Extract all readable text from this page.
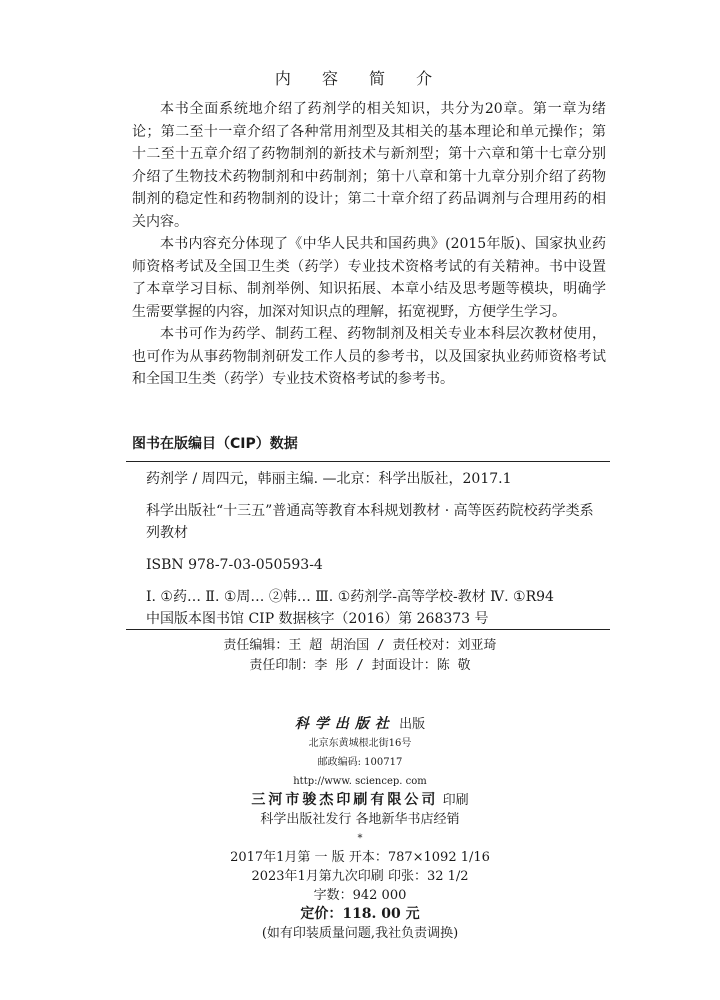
内 容 简 介

本书全面系统地介绍了药剂学的相关知识，共分为20章。第一章为绪论；第二至十一章介绍了各种常用剂型及其相关的基本理论和单元操作；第十二至十五章介绍了药物制剂的新技术与新剂型；第十六章和第十七章分别介绍了生物技术药物制剂和中药制剂；第十八章和第十九章分别介绍了药物制剂的稳定性和药物制剂的设计；第二十章介绍了药品调剂与合理用药的相关内容。

本书内容充分体现了《中华人民共和国药典》(2015年版)、国家执业药师资格考试及全国卫生类（药学）专业技术资格考试的有关精神。书中设置了本章学习目标、制剂举例、知识拓展、本章小结及思考题等模块，明确学生需要掌握的内容，加深对知识点的理解，拓宽视野，方便学生学习。

本书可作为药学、制药工程、药物制剂及相关专业本科层次教材使用，也可作为从事药物制剂研发工作人员的参考书，以及国家执业药师资格考试和全国卫生类（药学）专业技术资格考试的参考书。

图书在版编目（CIP）数据
药剂学 / 周四元，韩丽主编. —北京：科学出版社，2017.1
科学出版社“十三五”普通高等教育本科规划教材 · 高等医药院校药学类系列教材
ISBN 978-7-03-050593-4
Ⅰ. ①药… Ⅱ. ①周… ②韩… Ⅲ. ①药剂学-高等学校-教材 Ⅳ. ①R94
中国版本图书馆 CIP 数据核字（2016）第 268373 号
责任编辑：王 超 胡治国 / 责任校对：刘亚琦
责任印制：李 彤 / 封面设计：陈 敬
科学出版社 出版
北京东黄城根北街16号
邮政编码: 100717
http://www. sciencep. com
三河市骏杰印刷有限公司 印刷
科学出版社发行 各地新华书店经销
*
2017年1月第 一 版 开本：787×1092 1/16
2023年1月第九次印刷 印张：32 1/2
字数：942 000
定价：118. 00 元
(如有印装质量问题,我社负责调换)
